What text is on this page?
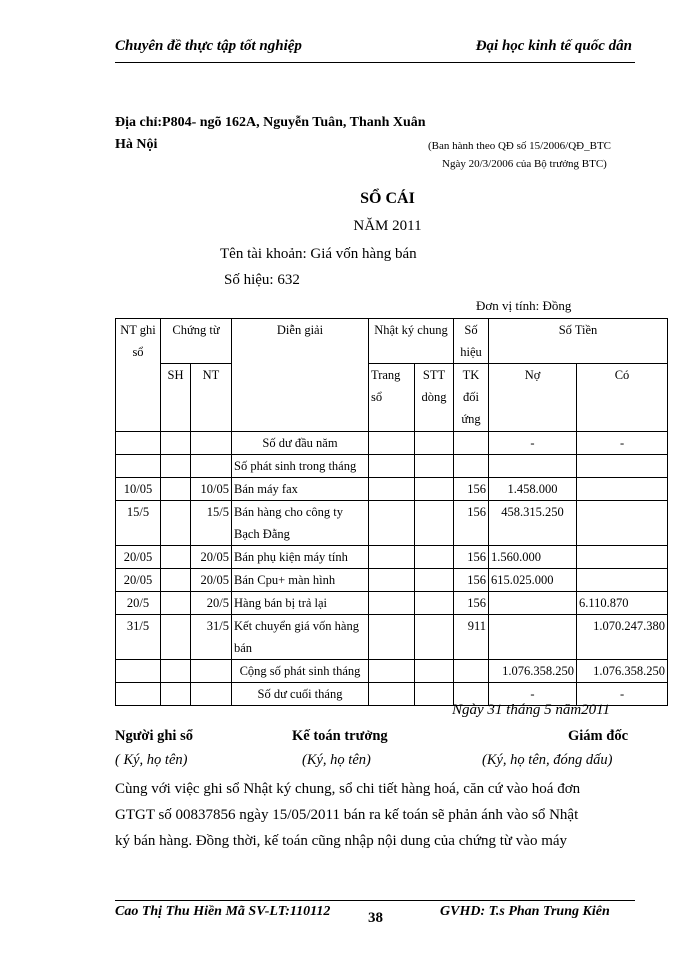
Chuyên đề thực tập tốt nghiệp	Đại học kinh tế quốc dân
Địa chỉ:P804- ngõ 162A, Nguyễn Tuân, Thanh Xuân
Hà Nội	(Ban hành theo QĐ số 15/2006/QĐ_BTC
Ngày 20/3/2006 của Bộ trưởng BTC)
SỔ CÁI
NĂM 2011
Tên tài khoản: Giá vốn hàng bán
Số hiệu: 632
Đơn vị tính: Đồng
NT ghi sổ	Chứng từ		Diễn giải	Nhật ký chung		Số hiệu	Số Tiền	
	SH	NT		Trang sổ	STT dòng	TK đối ứng	Nợ	Có
			Số dư đầu năm				-	-
			Số phát sinh trong tháng					
10/05		10/05	Bán máy fax			156	1.458.000	
15/5		15/5	Bán hàng cho công ty Bạch Đằng			156	458.315.250	
20/05		20/05	Bán phụ kiện máy tính			156	1.560.000	
20/05		20/05	Bán Cpu+ màn hình			156	615.025.000	
20/5		20/5	Hàng bán bị trả lại			156		6.110.870
31/5		31/5	Kết chuyển giá vốn hàng bán			911		1.070.247.380
			Cộng số phát sinh tháng				1.076.358.250	1.076.358.250
			Số dư cuối tháng				-	-
Ngày 31 tháng 5 năm2011
Người ghi sổ	Kế toán trưởng	Giám đốc
( Ký, họ tên)	(Ký, họ tên)	(Ký, họ tên, đóng dấu)
Cùng với việc ghi sổ Nhật ký chung, sổ chi tiết hàng hoá, căn cứ vào hoá đơn
GTGT số 00837856 ngày 15/05/2011 bán ra kế toán sẽ phản ánh vào sổ Nhật
ký bán hàng. Đồng thời, kế toán cũng nhập nội dung của chứng từ vào máy
Cao Thị Thu Hiền Mã SV-LT:110112	38	GVHD: T.s Phan Trung Kiên
